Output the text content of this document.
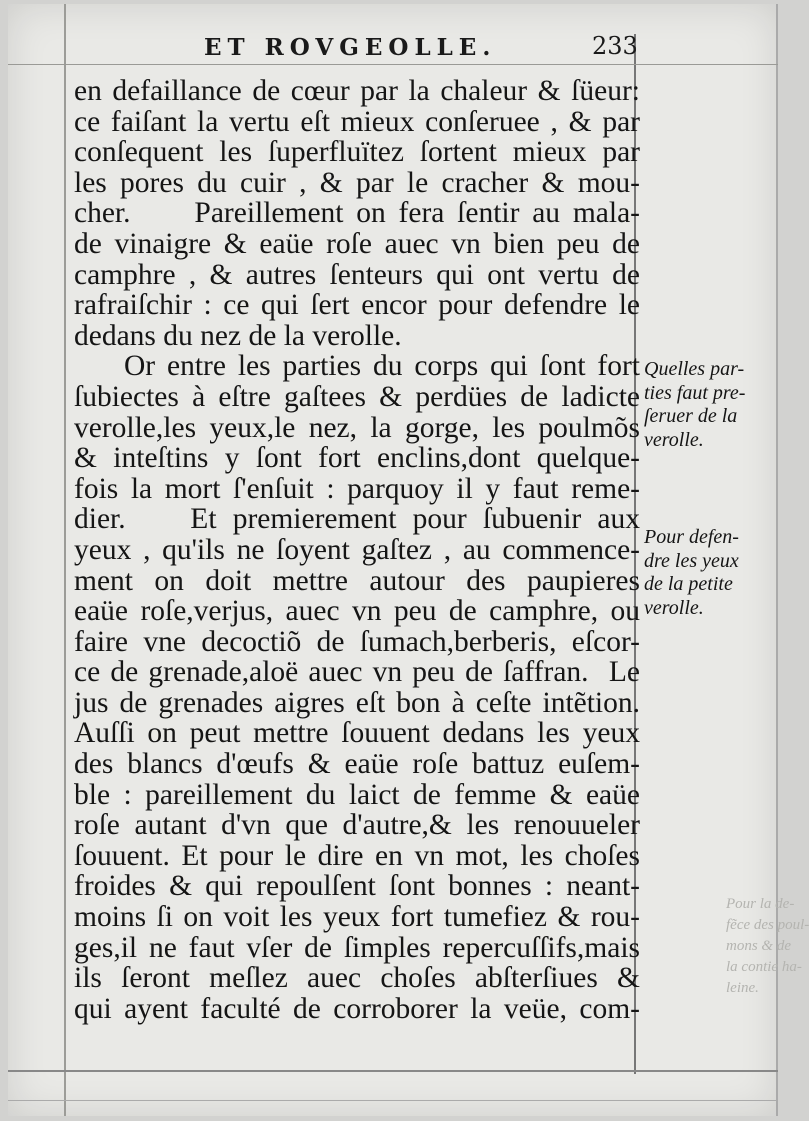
ET ROVGEOLLE.	233
en defaillance de cœur par la chaleur & ſüeur:
ce faiſant la vertu eſt mieux conſeruee , & par
conſequent les ſuperfluïtez ſortent mieux par
les pores du cuir , & par le cracher & mou-
cher.     Pareillement on fera ſentir au mala-
de vinaigre & eaüe roſe auec vn bien peu de
camphre , & autres ſenteurs qui ont vertu de
rafraiſchir : ce qui ſert encor pour defendre le
dedans du nez de la verolle.
Or entre les parties du corps qui ſont fort
ſubiectes à eſtre gaſtees & perdües de ladicte
verolle,les yeux,le nez, la gorge, les poulmõs
& inteſtins y ſont fort enclins,dont quelque-
fois la mort ſ'enſuit : parquoy il y faut reme-
dier.    Et premierement pour ſubuenir aux
yeux , qu'ils ne ſoyent gaſtez , au commence-
ment on doit mettre autour des paupieres
eaüe roſe,verjus, auec vn peu de camphre, ou
faire vne decoctiõ de ſumach,berberis, eſcor-
ce de grenade,aloë auec vn peu de ſaffran.  Le
jus de grenades aigres eſt bon à ceſte intẽtion.
Auſſi on peut mettre ſouuent dedans les yeux
des blancs d'œufs & eaüe roſe battuz euſem-
ble : pareillement du laict de femme & eaüe
roſe autant d'vn que d'autre,& les renouueler
ſouuent. Et pour le dire en vn mot, les choſes
froides & qui repoulſent ſont bonnes : neant-
moins ſi on voit les yeux fort tumefiez & rou-
ges,il ne faut vſer de ſimples repercuſſifs,mais
ils ſeront meſlez auec choſes abſterſiues &
qui ayent faculté de corroborer la veüe, com-
Quelles par-
ties faut pre-
ſeruer de la
verolle.
Pour defen-
dre les yeux
de la petite
verolle.
Pour la de-
fẽce des poul-
mons & de
la contie ha-
leine.
